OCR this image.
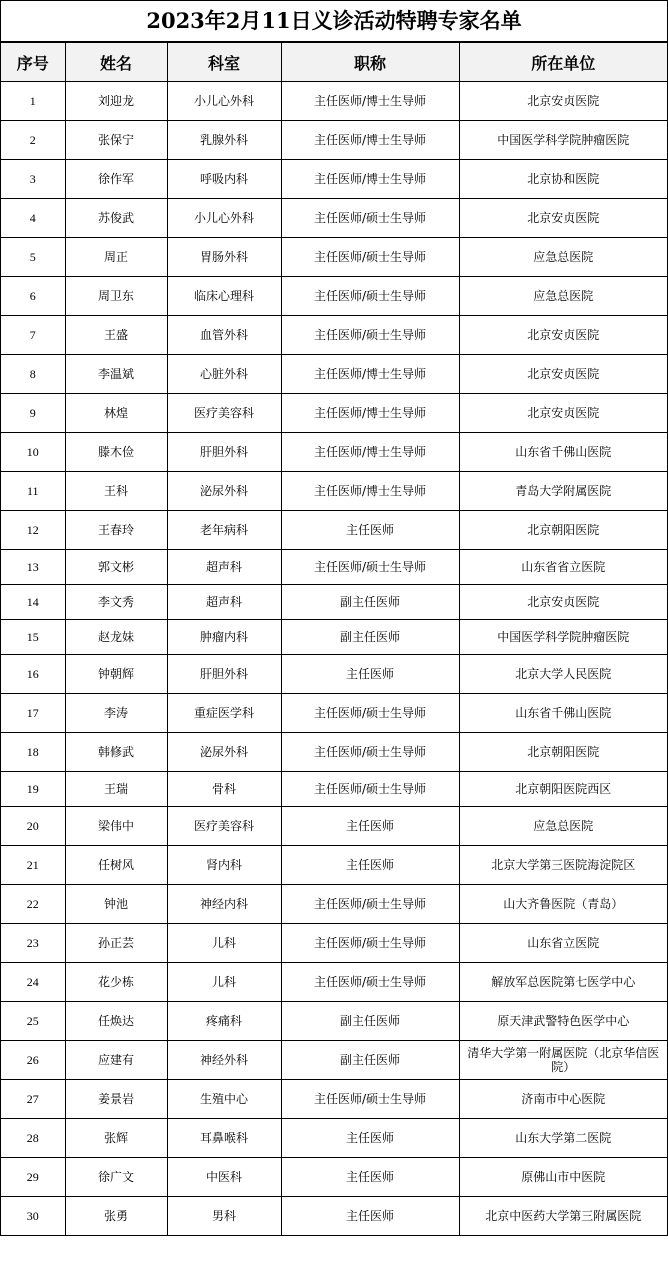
2023年2月11日义诊活动特聘专家名单
序号	姓名	科室	职称	所在单位
1	刘迎龙	小儿心外科	主任医师/博士生导师	北京安贞医院
2	张保宁	乳腺外科	主任医师/博士生导师	中国医学科学院肿瘤医院
3	徐作军	呼吸内科	主任医师/博士生导师	北京协和医院
4	苏俊武	小儿心外科	主任医师/硕士生导师	北京安贞医院
5	周正	胃肠外科	主任医师/硕士生导师	应急总医院
6	周卫东	临床心理科	主任医师/硕士生导师	应急总医院
7	王盛	血管外科	主任医师/硕士生导师	北京安贞医院
8	李温斌	心脏外科	主任医师/博士生导师	北京安贞医院
9	林煌	医疗美容科	主任医师/博士生导师	北京安贞医院
10	滕木俭	肝胆外科	主任医师/博士生导师	山东省千佛山医院
11	王科	泌尿外科	主任医师/博士生导师	青岛大学附属医院
12	王春玲	老年病科	主任医师	北京朝阳医院
13	郭文彬	超声科	主任医师/硕士生导师	山东省省立医院
14	李文秀	超声科	副主任医师	北京安贞医院
15	赵龙妹	肿瘤内科	副主任医师	中国医学科学院肿瘤医院
16	钟朝辉	肝胆外科	主任医师	北京大学人民医院
17	李涛	重症医学科	主任医师/硕士生导师	山东省千佛山医院
18	韩修武	泌尿外科	主任医师/硕士生导师	北京朝阳医院
19	王瑞	骨科	主任医师/硕士生导师	北京朝阳医院西区
20	梁伟中	医疗美容科	主任医师	应急总医院
21	任树风	肾内科	主任医师	北京大学第三医院海淀院区
22	钟池	神经内科	主任医师/硕士生导师	山大齐鲁医院（青岛）
23	孙正芸	儿科	主任医师/硕士生导师	山东省立医院
24	花少栋	儿科	主任医师/硕士生导师	解放军总医院第七医学中心
25	任焕达	疼痛科	副主任医师	原天津武警特色医学中心
26	应建有	神经外科	副主任医师	清华大学第一附属医院（北京华信医院）
27	姜景岩	生殖中心	主任医师/硕士生导师	济南市中心医院
28	张辉	耳鼻喉科	主任医师	山东大学第二医院
29	徐广文	中医科	主任医师	原佛山市中医院
30	张勇	男科	主任医师	北京中医药大学第三附属医院
